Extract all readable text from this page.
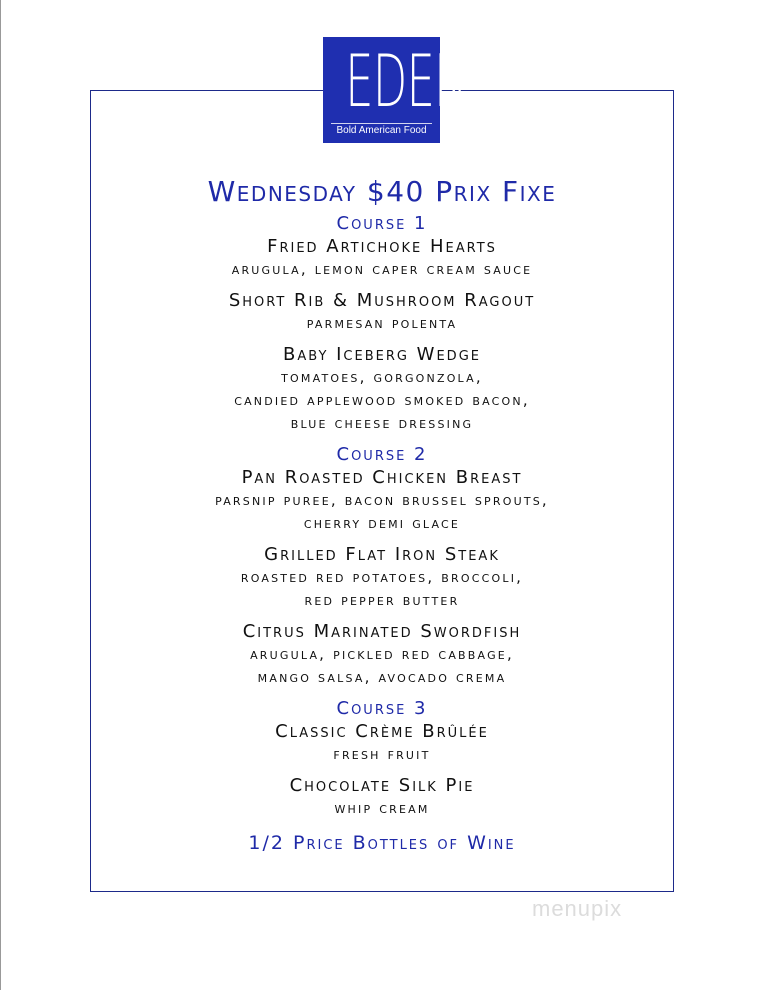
EDEN
Bold American Food
Wednesday $40 Prix Fixe
Course 1
Fried Artichoke Hearts
arugula, lemon caper cream sauce
Short Rib & Mushroom Ragout
parmesan polenta
Baby Iceberg Wedge
tomatoes, gorgonzola,
candied applewood smoked bacon,
blue cheese dressing
Course 2
Pan Roasted Chicken Breast
parsnip puree, bacon brussel sprouts,
cherry demi glace
Grilled Flat Iron Steak
roasted red potatoes, broccoli,
red pepper butter
Citrus Marinated Swordfish
arugula, pickled red cabbage,
mango salsa, avocado crema
Course 3
Classic Crème Brûlée
fresh fruit
Chocolate Silk Pie
whip cream
1/2 Price Bottles of Wine
menupix
